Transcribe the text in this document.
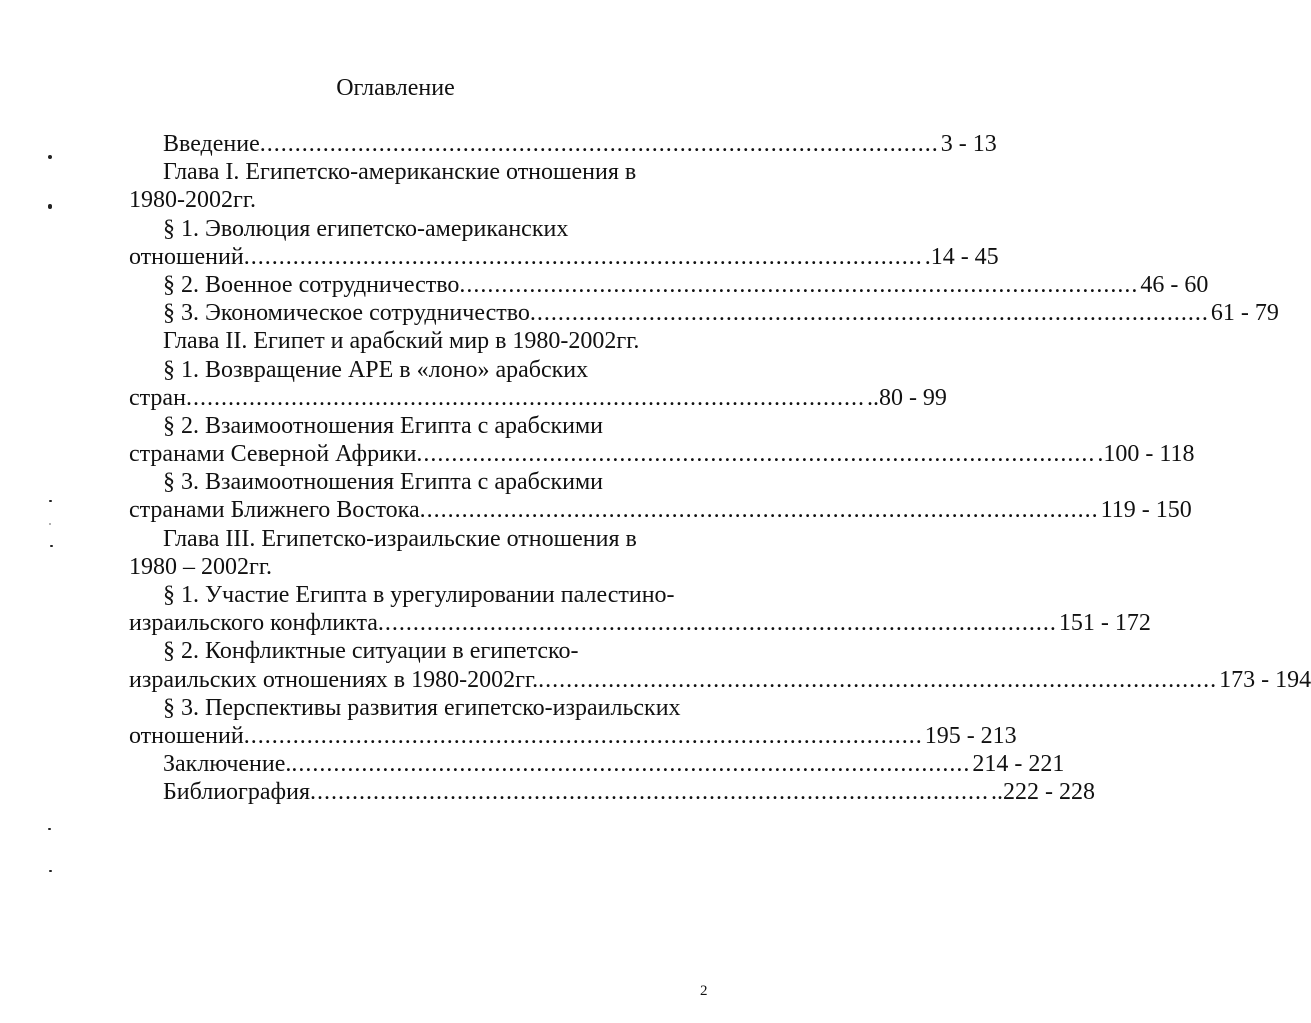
Оглавление
Введение ................................................................................................. 3 - 13
Глава I. Египетско-американские отношения в
1980-2002гг.
§ 1. Эволюция египетско-американских
отношений ................................................................................................. .14 - 45
§ 2. Военное сотрудничество ................................................................................................. 46 - 60
§ 3. Экономическое сотрудничество ................................................................................................. 61 - 79
Глава II. Египет и арабский мир в 1980-2002гг.
§ 1. Возвращение АРЕ в «лоно» арабских
стран ................................................................................................. ..80 - 99
§ 2. Взаимоотношения Египта с арабскими
странами Северной Африки ................................................................................................. .100 - 118
§ 3. Взаимоотношения Египта с арабскими
странами Ближнего Востока ................................................................................................. 119 - 150
Глава III. Египетско-израильские отношения в
1980 – 2002гг.
§ 1. Участие Египта в урегулировании палестино-
израильского конфликта ................................................................................................. 151 - 172
§ 2. Конфликтные ситуации в египетско-
израильских отношениях в 1980-2002гг. ................................................................................................. 173 - 194
§ 3. Перспективы развития египетско-израильских
отношений ................................................................................................. 195 - 213
Заключение. ................................................................................................. 214 - 221
Библиография ................................................................................................. ..222 - 228
2
